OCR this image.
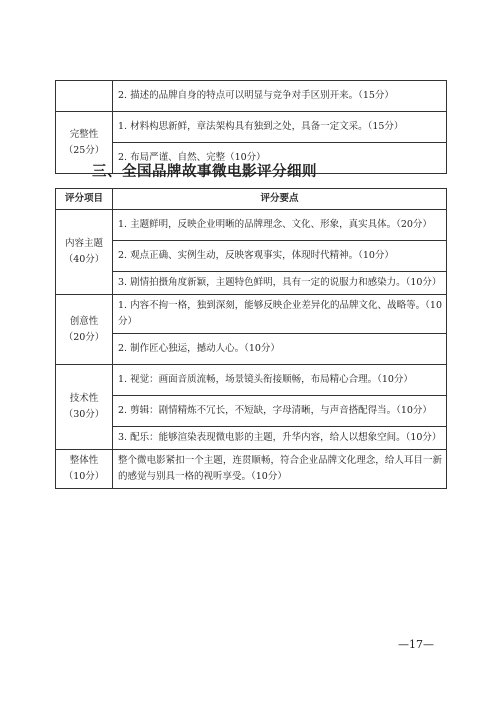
	2. 描述的品牌自身的特点可以明显与竞争对手区别开来。（15分）

完整性
（25分）	1. 材料构思新鲜，章法架构具有独到之处，具备一定文采。（15分）
	2. 布局严谨、自然、完整（10分）
三、全国品牌故事微电影评分细则
评分项目	评分要点

内容主题
（40分）	1. 主题鲜明，反映企业明晰的品牌理念、文化、形象，真实具体。（20分）
	2. 观点正确、实例生动，反映客观事实，体现时代精神。（10分）
	3. 剧情拍摄角度新颖，主题特色鲜明，具有一定的说服力和感染力。（10分）

创意性
（20分）	1. 内容不拘一格，独到深刻，能够反映企业差异化的品牌文化、战略等。（10分）
	2. 制作匠心独运，撼动人心。（10分）

技术性
（30分）	1. 视觉：画面音质流畅，场景镜头衔接顺畅，布局精心合理。（10分）
	2. 剪辑：剧情精炼不冗长，不短缺，字母清晰，与声音搭配得当。（10分）
	3. 配乐：能够渲染表现微电影的主题，升华内容，给人以想象空间。（10分）

整体性
（10分）	整个微电影紧扣一个主题，连贯顺畅，符合企业品牌文化理念，给人耳目一新的感觉与别具一格的视听享受。（10分）
—17—
